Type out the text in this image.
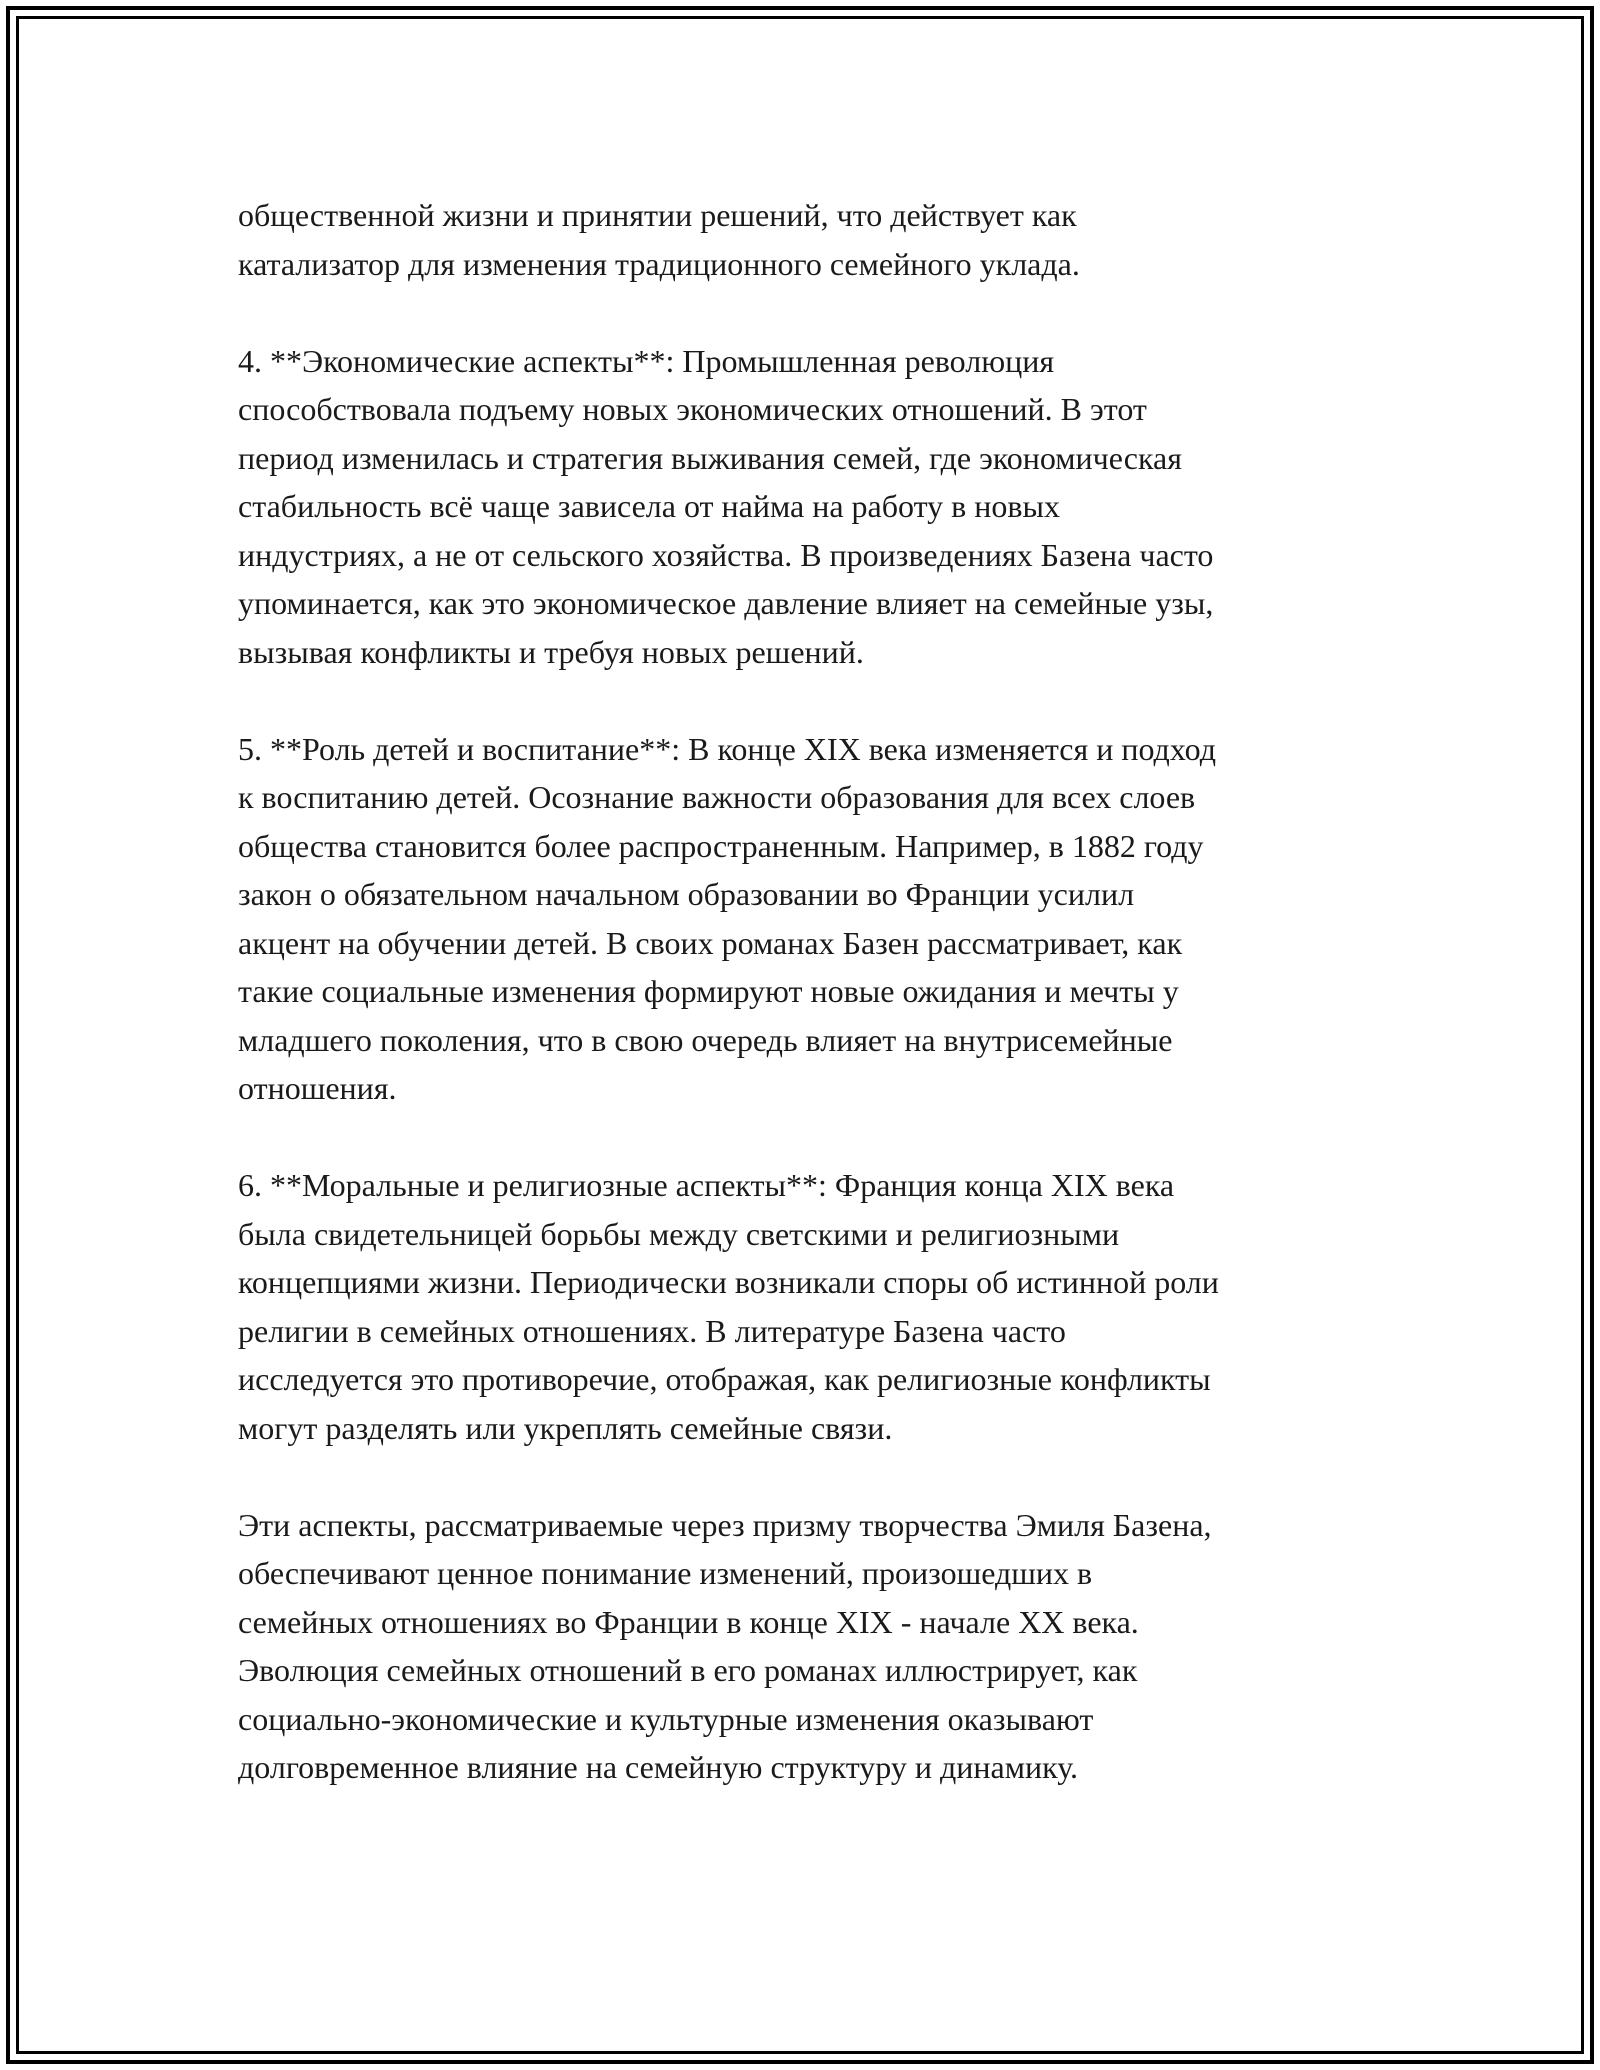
общественной жизни и принятии решений, что действует как
катализатор для изменения традиционного семейного уклада.

4. **Экономические аспекты**: Промышленная революция
способствовала подъему новых экономических отношений. В этот
период изменилась и стратегия выживания семей, где экономическая
стабильность всё чаще зависела от найма на работу в новых
индустриях, а не от сельского хозяйства. В произведениях Базена часто
упоминается, как это экономическое давление влияет на семейные узы,
вызывая конфликты и требуя новых решений.

5. **Роль детей и воспитание**: В конце XIX века изменяется и подход
к воспитанию детей. Осознание важности образования для всех слоев
общества становится более распространенным. Например, в 1882 году
закон о обязательном начальном образовании во Франции усилил
акцент на обучении детей. В своих романах Базен рассматривает, как
такие социальные изменения формируют новые ожидания и мечты у
младшего поколения, что в свою очередь влияет на внутрисемейные
отношения.

6. **Моральные и религиозные аспекты**: Франция конца XIX века
была свидетельницей борьбы между светскими и религиозными
концепциями жизни. Периодически возникали споры об истинной роли
религии в семейных отношениях. В литературе Базена часто
исследуется это противоречие, отображая, как религиозные конфликты
могут разделять или укреплять семейные связи.

Эти аспекты, рассматриваемые через призму творчества Эмиля Базена,
обеспечивают ценное понимание изменений, произошедших в
семейных отношениях во Франции в конце XIX - начале XX века.
Эволюция семейных отношений в его романах иллюстрирует, как
социально-экономические и культурные изменения оказывают
долговременное влияние на семейную структуру и динамику.
